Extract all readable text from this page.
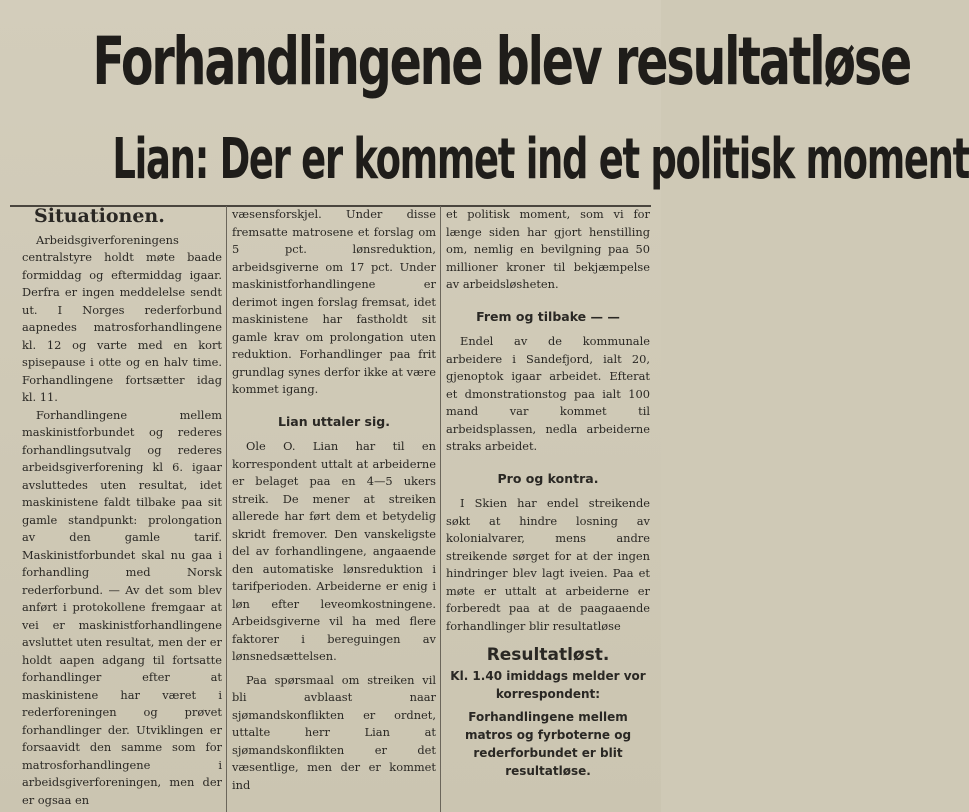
Forhandlingene blev resultatløse
Lian: Der er kommet ind et politisk moment
Situationen.

Arbeidsgiverforeningens centralstyre holdt møte baade formiddag og eftermiddag igaar. Derfra er ingen meddelelse sendt ut. I Norges rederforbund aapnedes matrosforhandlingene kl. 12 og varte med en kort spisepause i otte og en halv time. Forhandlingene fortsætter idag kl. 11.

Forhandlingene mellem maskinistforbundet og rederes forhandlingsutvalg og rederes arbeidsgiverforening kl 6. igaar avsluttedes uten resultat, idet maskinistene faldt tilbake paa sit gamle standpunkt: prolongation av den gamle tarif. Maskinistforbundet skal nu gaa i forhandling med Norsk rederforbund. — Av det som blev anført i protokollene fremgaar at vei er maskinistforhandlingene avsluttet uten resultat, men der er holdt aapen adgang til fortsatte forhandlinger efter at maskinistene har været i rederforeningen og prøvet forhandlinger der. Utviklingen er forsaavidt den samme som for matrosforhandlingene i arbeidsgiverforeningen, men der er ogsaa en

væsensforskjel. Under disse fremsatte matrosene et forslag om 5 pct. lønsreduktion, arbeidsgiverne om 17 pct. Under maskinistforhandlingene er derimot ingen forslag fremsat, idet maskinistene har fastholdt sit gamle krav om prolongation uten reduktion. Forhandlinger paa frit grundlag synes derfor ikke at være kommet igang.

Lian uttaler sig.

Ole O. Lian har til en korrespondent uttalt at arbeiderne er belaget paa en 4—5 ukers streik. De mener at streiken allerede har ført dem et betydelig skridt fremover. Den vanskeligste del av forhandlingene, angaaende den automatiske lønsreduktion i tarifperioden. Arbeiderne er enig i løn efter leveomkostningene. Arbeidsgiverne vil ha med flere faktorer i bereguingen av lønsnedsættelsen.

Paa spørsmaal om streiken vil bli avblaast naar sjømandskonflikten er ordnet, uttalte herr Lian at sjømandskonflikten er det væsentlige, men der er kommet ind

et politisk moment, som vi for længe siden har gjort henstilling om, nemlig en bevilgning paa 50 millioner kroner til bekjæmpelse av arbeidsløsheten.

Frem og tilbake — —

Endel av de kommunale arbeidere i Sandefjord, ialt 20, gjenoptok igaar arbeidet. Efterat et dmonstrationstog paa ialt 100 mand var kommet til arbeidsplassen, nedla arbeiderne straks arbeidet.

Pro og kontra.

I Skien har endel streikende søkt at hindre losning av kolonialvarer, mens andre streikende sørget for at der ingen hindringer blev lagt iveien. Paa et møte er uttalt at arbeiderne er forberedt paa at de paagaaende forhandlinger blir resultatløse

Resultatløst.
Kl. 1.40 imiddags melder vor korrespondent:
Forhandlingene mellem matros og fyrboterne og rederforbundet er blit resultatløse.
